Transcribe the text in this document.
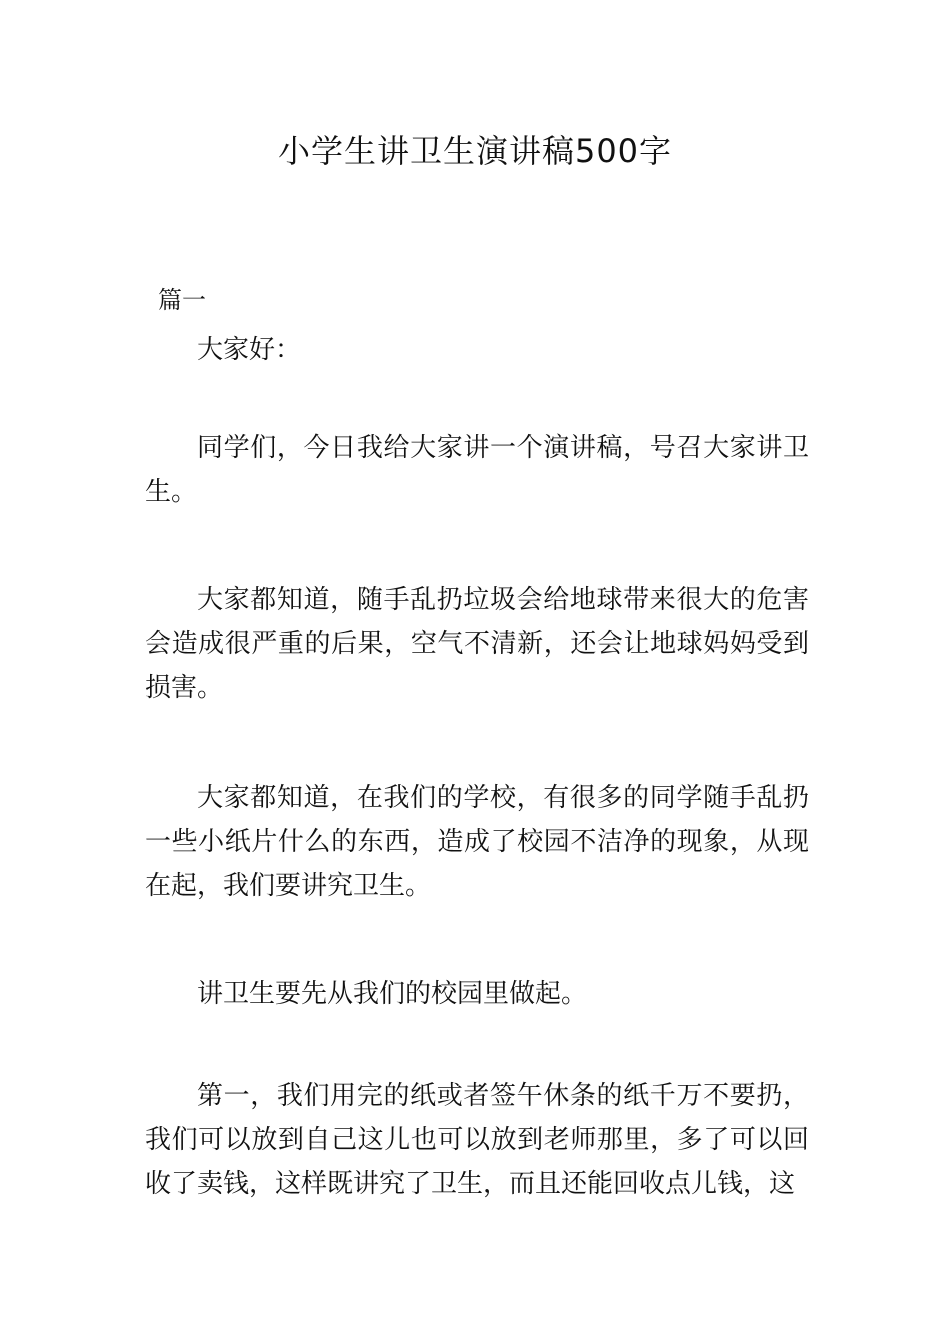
小学生讲卫生演讲稿500字

篇一

大家好：

同学们，今日我给大家讲一个演讲稿，号召大家讲卫生。

大家都知道，随手乱扔垃圾会给地球带来很大的危害会造成很严重的后果，空气不清新，还会让地球妈妈受到损害。

大家都知道，在我们的学校，有很多的同学随手乱扔一些小纸片什么的东西，造成了校园不洁净的现象，从现在起，我们要讲究卫生。

讲卫生要先从我们的校园里做起。

第一，我们用完的纸或者签午休条的纸千万不要扔，我们可以放到自己这儿也可以放到老师那里，多了可以回收了卖钱，这样既讲究了卫生，而且还能回收点儿钱，这
